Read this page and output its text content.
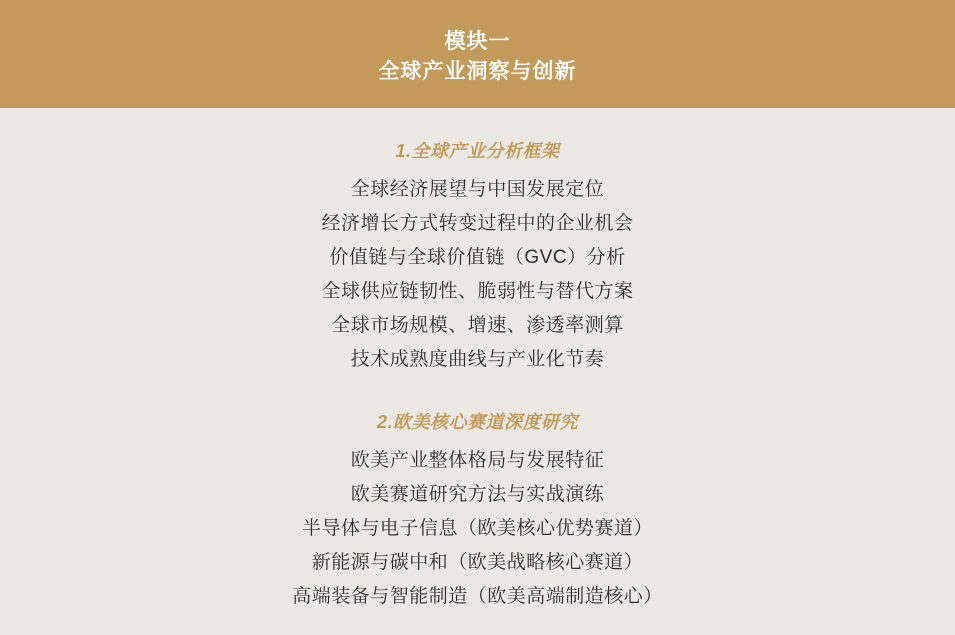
模块一
全球产业洞察与创新
1.全球产业分析框架
全球经济展望与中国发展定位
经济增长方式转变过程中的企业机会
价值链与全球价值链（GVC）分析
全球供应链韧性、脆弱性与替代方案
全球市场规模、增速、渗透率测算
技术成熟度曲线与产业化节奏
2.欧美核心赛道深度研究
欧美产业整体格局与发展特征
欧美赛道研究方法与实战演练
半导体与电子信息（欧美核心优势赛道）
新能源与碳中和（欧美战略核心赛道）
高端装备与智能制造（欧美高端制造核心）
